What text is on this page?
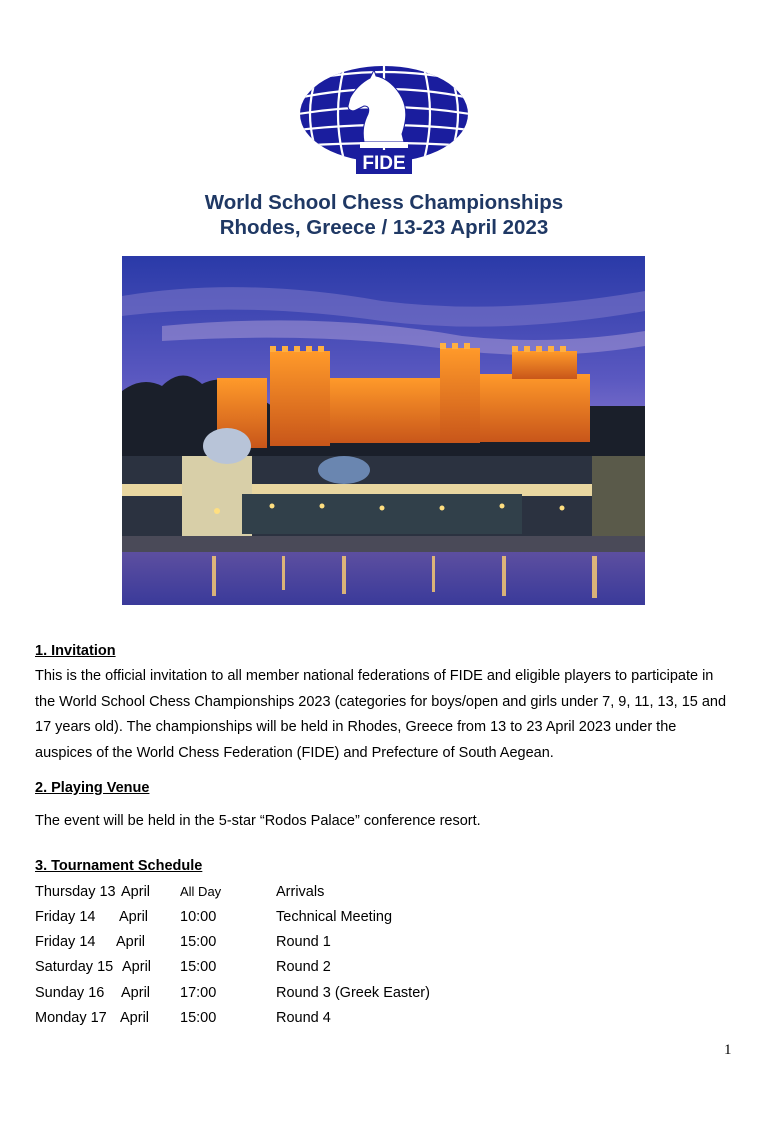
FIDE
World School Chess Championships
Rhodes, Greece / 13-23 April 2023
1. Invitation

This is the official invitation to all member national federations of FIDE and eligible players to participate in the World School Chess Championships 2023 (categories for boys/open and girls under 7, 9, 11, 13, 15 and 17 years old). The championships will be held in Rhodes, Greece from 13 to 23 April 2023 under the auspices of the World Chess Federation (FIDE) and Prefecture of South Aegean.

2. Playing Venue

The event will be held in the 5-star “Rodos Palace” conference resort.

3. Tournament Schedule
Thursday 13 April All Day	Arrivals
Friday 14 April 10:00	Technical Meeting
Friday 14 April 15:00	Round 1
Saturday 15 April 15:00	Round 2
Sunday 16 April 17:00	Round 3 (Greek Easter)
Monday 17 April 15:00	Round 4
1
